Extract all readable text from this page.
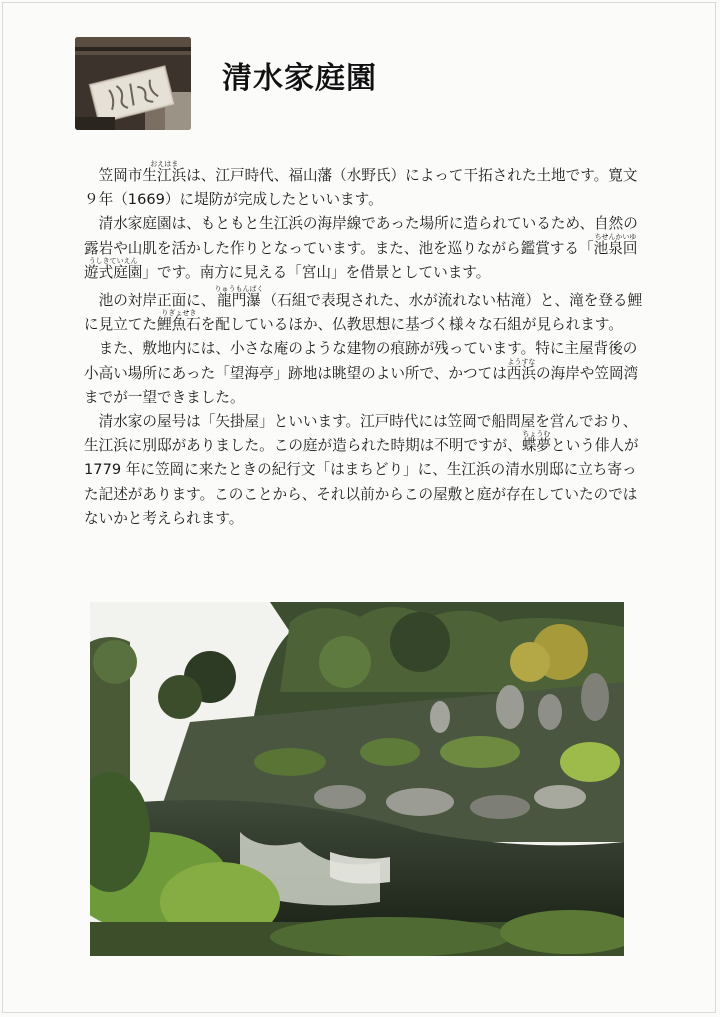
清水家庭園

笠岡市生江浜おえはまは、江戸時代、福山藩（水野氏）によって干拓された土地です。寛文９年（1669）に堤防が完成したといいます。

清水家庭園は、もともと生江浜の海岸線であった場所に造られているため、自然の露岩や山肌を活かした作りとなっています。また、池を巡りながら鑑賞する「池泉回遊式庭園ちせんかいゆうしきていえん」です。南方に見える「宮山」を借景としています。

池の対岸正面に、龍門瀑りゅうもんばく（石組で表現された、水が流れない枯滝）と、滝を登る鯉に見立てた鯉魚石りぎょせきを配しているほか、仏教思想に基づく様々な石組が見られます。

また、敷地内には、小さな庵のような建物の痕跡が残っています。特に主屋背後の小高い場所にあった「望海亭」跡地は眺望のよい所で、かつては西浜ようすなの海岸や笠岡湾までが一望できました。

清水家の屋号は「矢掛屋」といいます。江戸時代には笠岡で船問屋を営んでおり、生江浜に別邸がありました。この庭が造られた時期は不明ですが、蝶夢ちょうむという俳人が 1779 年に笠岡に来たときの紀行文「はまちどり」に、生江浜の清水別邸に立ち寄った記述があります。このことから、それ以前からこの屋敷と庭が存在していたのではないかと考えられます。
